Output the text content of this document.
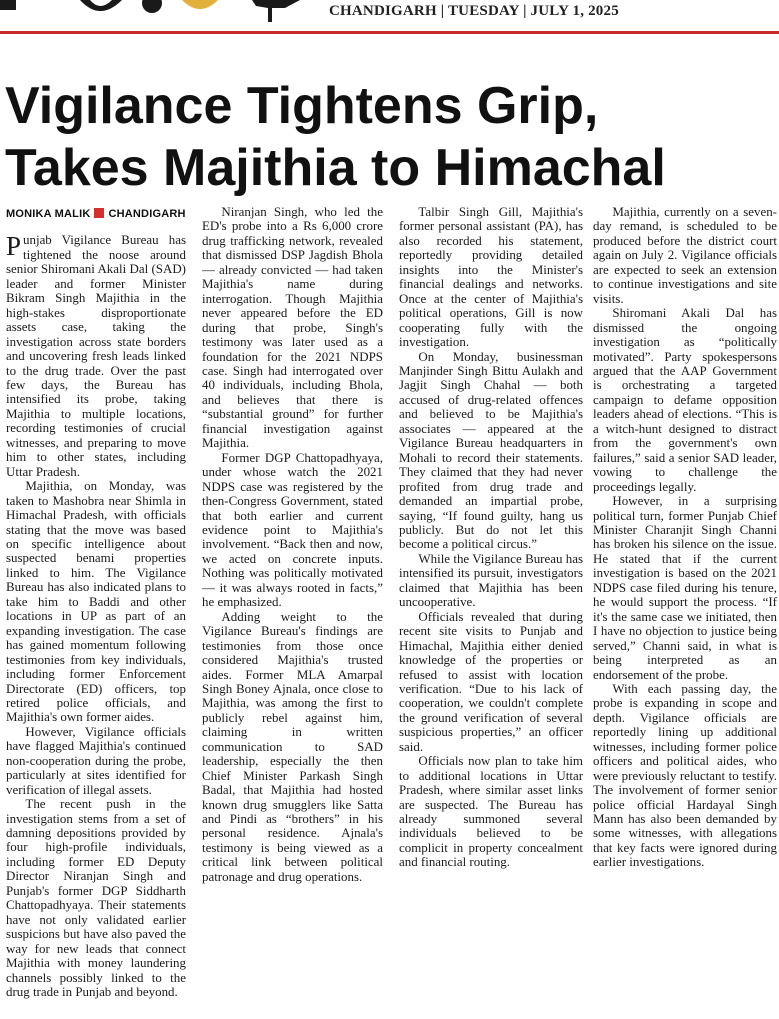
CHANDIGARH | TUESDAY | JULY 1, 2025
Vigilance Tightens Grip,
Takes Majithia to Himachal
MONIKA MALIK CHANDIGARH

Punjab Vigilance Bureau has tightened the noose around senior Shiromani Akali Dal (SAD) leader and former Minister Bikram Singh Majithia in the high-stakes disproportionate assets case, taking the investigation across state borders and uncovering fresh leads linked to the drug trade. Over the past few days, the Bureau has intensified its probe, taking Majithia to multiple locations, recording testimonies of crucial witnesses, and preparing to move him to other states, including Uttar Pradesh.

Majithia, on Monday, was taken to Mashobra near Shimla in Himachal Pradesh, with officials stating that the move was based on specific intelligence about suspected benami properties linked to him. The Vigilance Bureau has also indicated plans to take him to Baddi and other locations in UP as part of an expanding investigation. The case has gained momentum following testimonies from key individuals, including former Enforcement Directorate (ED) officers, top retired police officials, and Majithia's own former aides.

However, Vigilance officials have flagged Majithia's continued non-cooperation during the probe, particularly at sites identified for verification of illegal assets.

The recent push in the investigation stems from a set of damning depositions provided by four high-profile individuals, including former ED Deputy Director Niranjan Singh and Punjab's former DGP Siddharth Chattopadhyaya. Their statements have not only validated earlier suspicions but have also paved the way for new leads that connect Majithia with money laundering channels possibly linked to the drug trade in Punjab and beyond.

Niranjan Singh, who led the ED's probe into a Rs 6,000 crore drug trafficking network, revealed that dismissed DSP Jagdish Bhola — already convicted — had taken Majithia's name during interrogation. Though Majithia never appeared before the ED during that probe, Singh's testimony was later used as a foundation for the 2021 NDPS case. Singh had interrogated over 40 individuals, including Bhola, and believes that there is “substantial ground” for further financial investigation against Majithia.

Former DGP Chattopadhyaya, under whose watch the 2021 NDPS case was registered by the then-Congress Government, stated that both earlier and current evidence point to Majithia's involvement. “Back then and now, we acted on concrete inputs. Nothing was politically motivated — it was always rooted in facts,” he emphasized.

Adding weight to the Vigilance Bureau's findings are testimonies from those once considered Majithia's trusted aides. Former MLA Amarpal Singh Boney Ajnala, once close to Majithia, was among the first to publicly rebel against him, claiming in written communication to SAD leadership, especially the then Chief Minister Parkash Singh Badal, that Majithia had hosted known drug smugglers like Satta and Pindi as “brothers” in his personal residence. Ajnala's testimony is being viewed as a critical link between political patronage and drug operations.

Talbir Singh Gill, Majithia's former personal assistant (PA), has also recorded his statement, reportedly providing detailed insights into the Minister's financial dealings and networks. Once at the center of Majithia's political operations, Gill is now cooperating fully with the investigation.

On Monday, businessman Manjinder Singh Bittu Aulakh and Jagjit Singh Chahal — both accused of drug-related offences and believed to be Majithia's associates — appeared at the Vigilance Bureau headquarters in Mohali to record their statements. They claimed that they had never profited from drug trade and demanded an impartial probe, saying, “If found guilty, hang us publicly. But do not let this become a political circus.”

While the Vigilance Bureau has intensified its pursuit, investigators claimed that Majithia has been uncooperative.

Officials revealed that during recent site visits to Punjab and Himachal, Majithia either denied knowledge of the properties or refused to assist with location verification. “Due to his lack of cooperation, we couldn't complete the ground verification of several suspicious properties,” an officer said.

Officials now plan to take him to additional locations in Uttar Pradesh, where similar asset links are suspected. The Bureau has already summoned several individuals believed to be complicit in property concealment and financial routing.

Majithia, currently on a seven-day remand, is scheduled to be produced before the district court again on July 2. Vigilance officials are expected to seek an extension to continue investigations and site visits.

Shiromani Akali Dal has dismissed the ongoing investigation as “politically motivated”. Party spokespersons argued that the AAP Government is orchestrating a targeted campaign to defame opposition leaders ahead of elections. “This is a witch-hunt designed to distract from the government's own failures,” said a senior SAD leader, vowing to challenge the proceedings legally.

However, in a surprising political turn, former Punjab Chief Minister Charanjit Singh Channi has broken his silence on the issue. He stated that if the current investigation is based on the 2021 NDPS case filed during his tenure, he would support the process. “If it's the same case we initiated, then I have no objection to justice being served,” Channi said, in what is being interpreted as an endorsement of the probe.

With each passing day, the probe is expanding in scope and depth. Vigilance officials are reportedly lining up additional witnesses, including former police officers and political aides, who were previously reluctant to testify. The involvement of former senior police official Hardayal Singh Mann has also been demanded by some witnesses, with allegations that key facts were ignored during earlier investigations.
